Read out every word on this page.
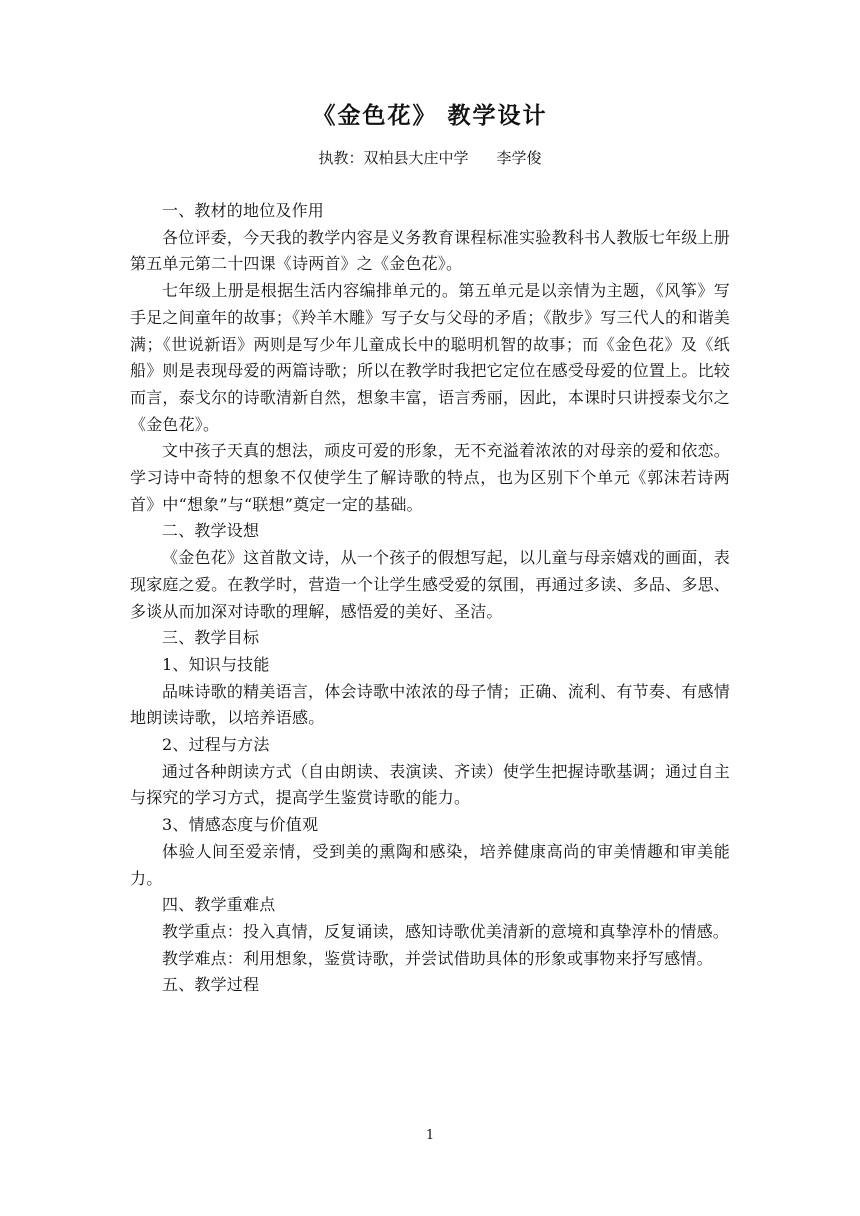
《金色花》 教学设计
执教：双柏县大庄中学 李学俊

一、教材的地位及作用

各位评委，今天我的教学内容是义务教育课程标准实验教科书人教版七年级上册第五单元第二十四课《诗两首》之《金色花》。

七年级上册是根据生活内容编排单元的。第五单元是以亲情为主题，《风筝》写手足之间童年的故事；《羚羊木雕》写子女与父母的矛盾；《散步》写三代人的和谐美满；《世说新语》两则是写少年儿童成长中的聪明机智的故事；而《金色花》及《纸船》则是表现母爱的两篇诗歌；所以在教学时我把它定位在感受母爱的位置上。比较而言，泰戈尔的诗歌清新自然，想象丰富，语言秀丽，因此，本课时只讲授泰戈尔之《金色花》。

文中孩子天真的想法，顽皮可爱的形象，无不充溢着浓浓的对母亲的爱和依恋。学习诗中奇特的想象不仅使学生了解诗歌的特点，也为区别下个单元《郭沫若诗两首》中“想象”与“联想”奠定一定的基础。

二、教学设想

《金色花》这首散文诗，从一个孩子的假想写起，以儿童与母亲嬉戏的画面，表现家庭之爱。在教学时，营造一个让学生感受爱的氛围，再通过多读、多品、多思、多谈从而加深对诗歌的理解，感悟爱的美好、圣洁。

三、教学目标

1、知识与技能

品味诗歌的精美语言，体会诗歌中浓浓的母子情；正确、流利、有节奏、有感情地朗读诗歌，以培养语感。

2、过程与方法

通过各种朗读方式（自由朗读、表演读、齐读）使学生把握诗歌基调；通过自主与探究的学习方式，提高学生鉴赏诗歌的能力。

3、情感态度与价值观

体验人间至爱亲情，受到美的熏陶和感染，培养健康高尚的审美情趣和审美能力。

四、教学重难点

教学重点：投入真情，反复诵读，感知诗歌优美清新的意境和真挚淳朴的情感。

教学难点：利用想象，鉴赏诗歌，并尝试借助具体的形象或事物来抒写感情。

五、教学过程

1
